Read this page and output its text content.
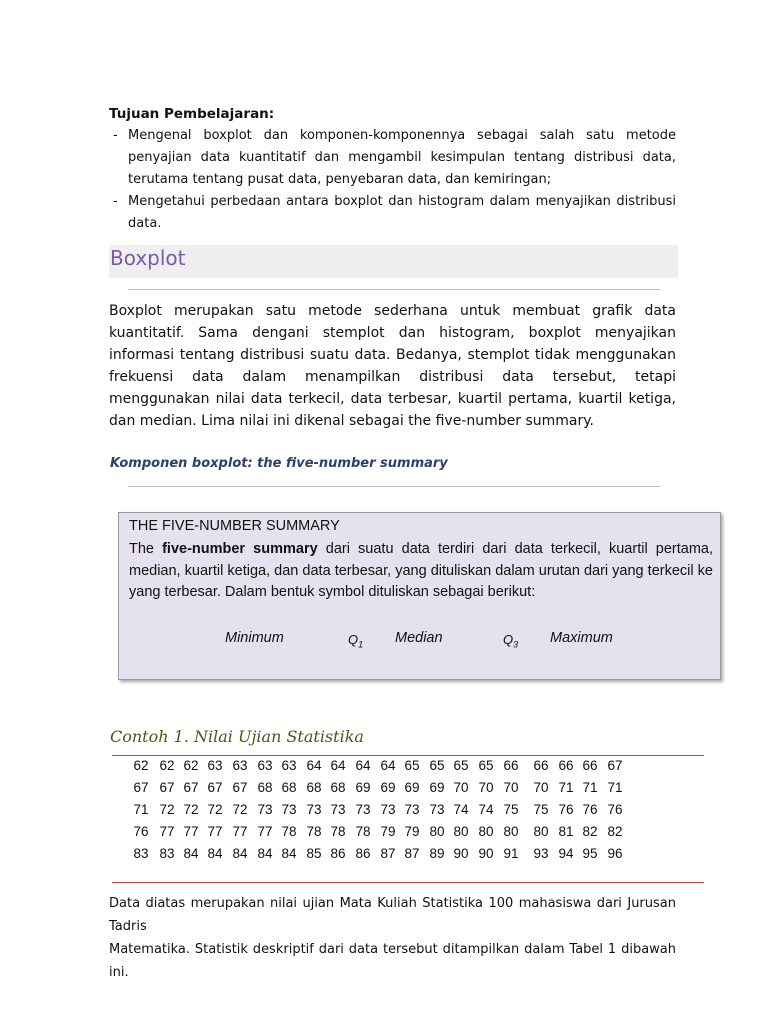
Tujuan Pembelajaran:
- Mengenal boxplot dan komponen-komponennya sebagai salah satu metode penyajian data kuantitatif dan mengambil kesimpulan tentang distribusi data, terutama tentang pusat data, penyebaran data, dan kemiringan;
- Mengetahui perbedaan antara boxplot dan histogram dalam menyajikan distribusi data.
Boxplot

Boxplot merupakan satu metode sederhana untuk membuat grafik data kuantitatif. Sama dengani stemplot dan histogram, boxplot menyajikan informasi tentang distribusi suatu data. Bedanya, stemplot tidak menggunakan frekuensi data dalam menampilkan distribusi data tersebut, tetapi menggunakan nilai data terkecil, data terbesar, kuartil pertama, kuartil ketiga, dan median. Lima nilai ini dikenal sebagai the five-number summary.

Komponen boxplot: the five-number summary
THE FIVE-NUMBER SUMMARY

The five-number summary dari suatu data terdiri dari data terkecil, kuartil pertama, median, kuartil ketiga, dan data terbesar, yang dituliskan dalam urutan dari yang terkecil ke yang terbesar. Dalam bentuk symbol dituliskan sebagai berikut:

Minimum	$Q_1$ Median	$Q_3$ Maximum
Contoh 1. Nilai Ujian Statistika
62 62 62 63 63 63 63 64 64 64 64 65 65 65 65 66	66 66 66 67
67 67 67 67 67 68 68 68 68 69 69 69 69 70 70 70	70 71 71 71
71 72 72 72 72 73 73 73 73 73 73 73 73 74 74 75	75 76 76 76
76 77 77 77 77 77 78 78 78 78 79 79 80 80 80 80	80 81 82 82
83 83 84 84 84 84 84 85 86 86 87 87 89 90 90 91	93 94 95 96

Data diatas merupakan nilai ujian Mata Kuliah Statistika 100 mahasiswa dari Jurusan Tadris
Matematika. Statistik deskriptif dari data tersebut ditampilkan dalam Tabel 1 dibawah ini.
